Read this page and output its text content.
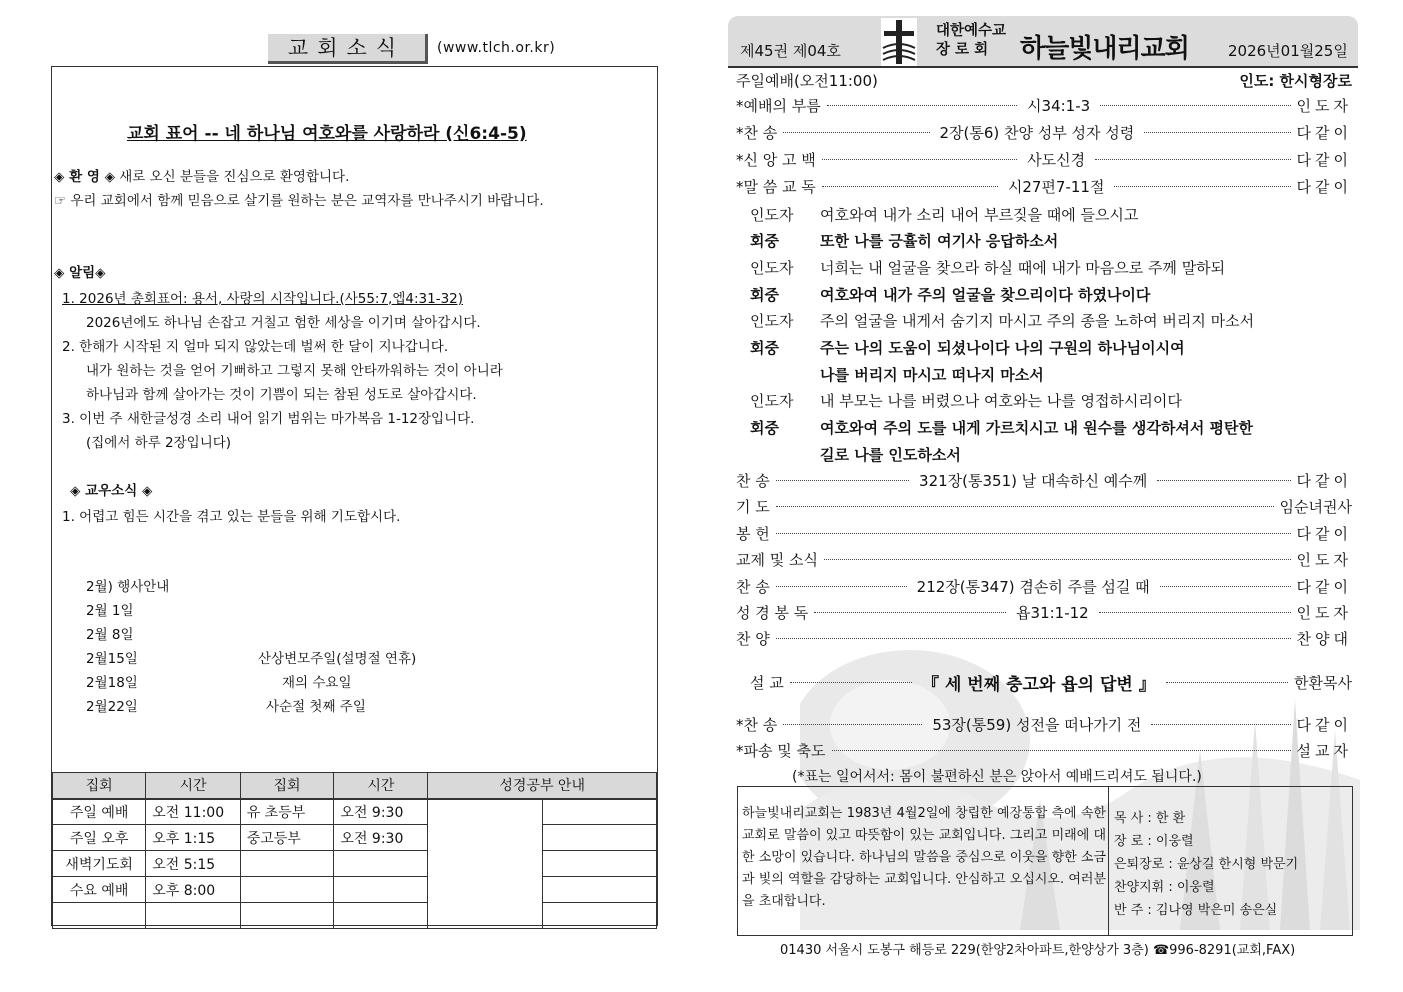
교회소식	(www.tlch.or.kr)
교회 표어 -- 네 하나님 여호와를 사랑하라 (신6:4-5)
◈ 환 영 ◈ 새로 오신 분들을 진심으로 환영합니다.
☞ 우리 교회에서 함께 믿음으로 살기를 원하는 분은 교역자를 만나주시기 바랍니다.
◈ 알림◈
1. 2026년 총회표어: 용서, 사랑의 시작입니다.(사55:7,엡4:31-32)
2026년에도 하나님 손잡고 거칠고 험한 세상을 이기며 살아갑시다.
2. 한해가 시작된 지 얼마 되지 않았는데 벌써 한 달이 지나갑니다.
내가 원하는 것을 얻어 기뻐하고 그렇지 못해 안타까워하는 것이 아니라
하나님과 함께 살아가는 것이 기쁨이 되는 참된 성도로 살아갑시다.
3. 이번 주 새한글성경 소리 내어 읽기 범위는 마가복음 1-12장입니다.
(집에서 하루 2장입니다)
◈ 교우소식 ◈
1. 어렵고 힘든 시간을 겪고 있는 분들을 위해 기도합시다.
2월) 행사안내
2월 1일
2월 8일
2월15일	산상변모주일(설명절 연휴)
2월18일	재의 수요일
2월22일	사순절 첫째 주일
집회	시간	집회	시간	성경공부 안내	
주일 예배	오전 11:00	유 초등부	오전 9:30		
주일 오후	오후 1:15	중고등부	오전 9:30		
새벽기도회	오전 5:15				
수요 예배	오후 8:00				

제45권 제04호
대한예수교
장 로 회	하늘빛내리교회	2026년01월25일
주일예배(오전11:00)	인도: 한시형장로
*예배의 부름	시34:1-3	인도자
*찬 송	2장(통6) 찬양 성부 성자 성령	다같이
*신 앙 고 백	사도신경	다같이
*말 씀 교 독	시27편7-11절	다같이
인도자 여호와여 내가 소리 내어 부르짖을 때에 들으시고
회중	또한 나를 긍휼히 여기사 응답하소서
인도자 너희는 내 얼굴을 찾으라 하실 때에 내가 마음으로 주께 말하되
회중	여호와여 내가 주의 얼굴을 찾으리이다 하였나이다
인도자 주의 얼굴을 내게서 숨기지 마시고 주의 종을 노하여 버리지 마소서
회중	주는 나의 도움이 되셨나이다 나의 구원의 하나님이시여
나를 버리지 마시고 떠나지 마소서
인도자 내 부모는 나를 버렸으나 여호와는 나를 영접하시리이다
회중	여호와여 주의 도를 내게 가르치시고 내 원수를 생각하셔서 평탄한
길로 나를 인도하소서
찬 송	321장(통351) 날 대속하신 예수께	다같이
기 도	임순녀권사
봉 헌	다같이
교제 및 소식	인도자
찬 송	212장(통347) 겸손히 주를 섬길 때	다같이
성 경 봉 독	욥31:1-12	인도자
찬 양	찬양대
설 교	『 세 번째 충고와 욥의 답변 』	한환목사
*찬 송	53장(통59) 성전을 떠나가기 전	다같이
*파송 및 축도	설교자
(*표는 일어서서: 몸이 불편하신 분은 앉아서 예배드리셔도 됩니다.)
하늘빛내리교회는 1983년 4월2일에 창립한 예장통합 측에 속한 교회로 말씀이 있고 따뜻함이 있는 교회입니다. 그리고 미래에 대한 소망이 있습니다. 하나님의 말씀을 중심으로 이웃을 향한 소금과 빛의 역할을 감당하는 교회입니다. 안심하고 오십시오. 여러분을 초대합니다.
목 사 : 한 환
장 로 : 이웅렬
은퇴장로 : 윤상길 한시형 박문기
찬양지휘 : 이웅렬
반 주 : 김나영 박은미 송은실
01430 서울시 도봉구 해등로 229(한양2차아파트,한양상가 3층) ☎996-8291(교회,FAX)
